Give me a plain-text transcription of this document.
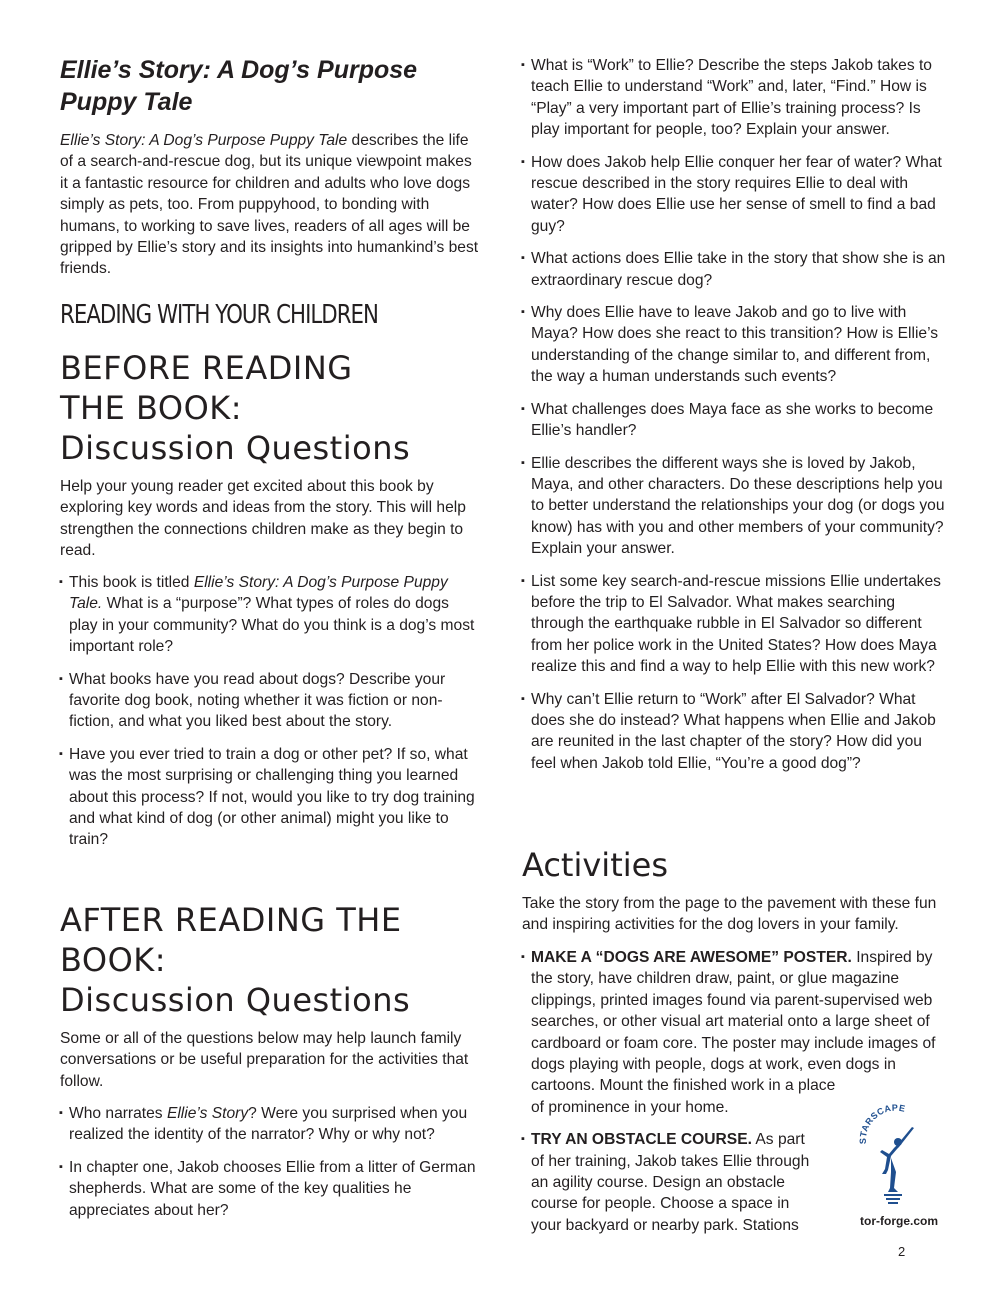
Ellie’s Story: A Dog’s Purpose
Puppy Tale

Ellie’s Story: A Dog’s Purpose Puppy Tale describes the life of a search-and-rescue dog, but its unique viewpoint makes it a fantastic resource for children and adults who love dogs simply as pets, too. From puppyhood, to bonding with humans, to working to save lives, readers of all ages will be gripped by Ellie’s story and its insights into humankind’s best friends.

READING WITH YOUR CHILDREN
BEFORE READING
THE BOOK:
Discussion Questions

Help your young reader get excited about this book by exploring key words and ideas from the story. This will help strengthen the connections children make as they begin to read.

▪ This book is titled Ellie’s Story: A Dog’s Purpose Puppy Tale. What is a “purpose”? What types of roles do dogs play in your community? What do you think is a dog’s most important role?
▪ What books have you read about dogs? Describe your favorite dog book, noting whether it was fiction or non-fiction, and what you liked best about the story.
▪ Have you ever tried to train a dog or other pet? If so, what was the most surprising or challenging thing you learned about this process? If not, would you like to try dog training and what kind of dog (or other animal) might you like to train?
AFTER READING THE
BOOK:
Discussion Questions

Some or all of the questions below may help launch family conversations or be useful preparation for the activities that follow.

▪ Who narrates Ellie’s Story? Were you surprised when you realized the identity of the narrator? Why or why not?
▪ In chapter one, Jakob chooses Ellie from a litter of German shepherds. What are some of the key qualities he appreciates about her?
▪ What is “Work” to Ellie? Describe the steps Jakob takes to teach Ellie to understand “Work” and, later, “Find.” How is “Play” a very important part of Ellie’s training process? Is play important for people, too? Explain your answer.
▪ How does Jakob help Ellie conquer her fear of water? What rescue described in the story requires Ellie to deal with water? How does Ellie use her sense of smell to find a bad guy?
▪ What actions does Ellie take in the story that show she is an extraordinary rescue dog?
▪ Why does Ellie have to leave Jakob and go to live with Maya? How does she react to this transition? How is Ellie’s understanding of the change similar to, and different from, the way a human understands such events?
▪ What challenges does Maya face as she works to become Ellie’s handler?
▪ Ellie describes the different ways she is loved by Jakob, Maya, and other characters. Do these descriptions help you to better understand the relationships your dog (or dogs you know) has with you and other members of your community? Explain your answer.
▪ List some key search-and-rescue missions Ellie undertakes before the trip to El Salvador. What makes searching through the earthquake rubble in El Salvador so different from her police work in the United States? How does Maya realize this and find a way to help Ellie with this new work?
▪ Why can’t Ellie return to “Work” after El Salvador? What does she do instead? What happens when Ellie and Jakob are reunited in the last chapter of the story? How did you feel when Jakob told Ellie, “You’re a good dog”?
Activities

Take the story from the page to the pavement with these fun and inspiring activities for the dog lovers in your family.

▪ MAKE A “DOGS ARE AWESOME” POSTER. Inspired by the story, have children draw, paint, or glue magazine clippings, printed images found via parent-supervised web searches, or other visual art material onto a large sheet of cardboard or foam core. The poster may include images of dogs playing with people, dogs at work, even dogs in cartoons. Mount the finished work in a place
of prominence in your home.
▪ TRY AN OBSTACLE COURSE. As part
of her training, Jakob takes Ellie through
an agility course. Design an obstacle
course for people. Choose a space in
your backyard or nearby park. Stations
STARSCAPE
tor-forge.com
2
